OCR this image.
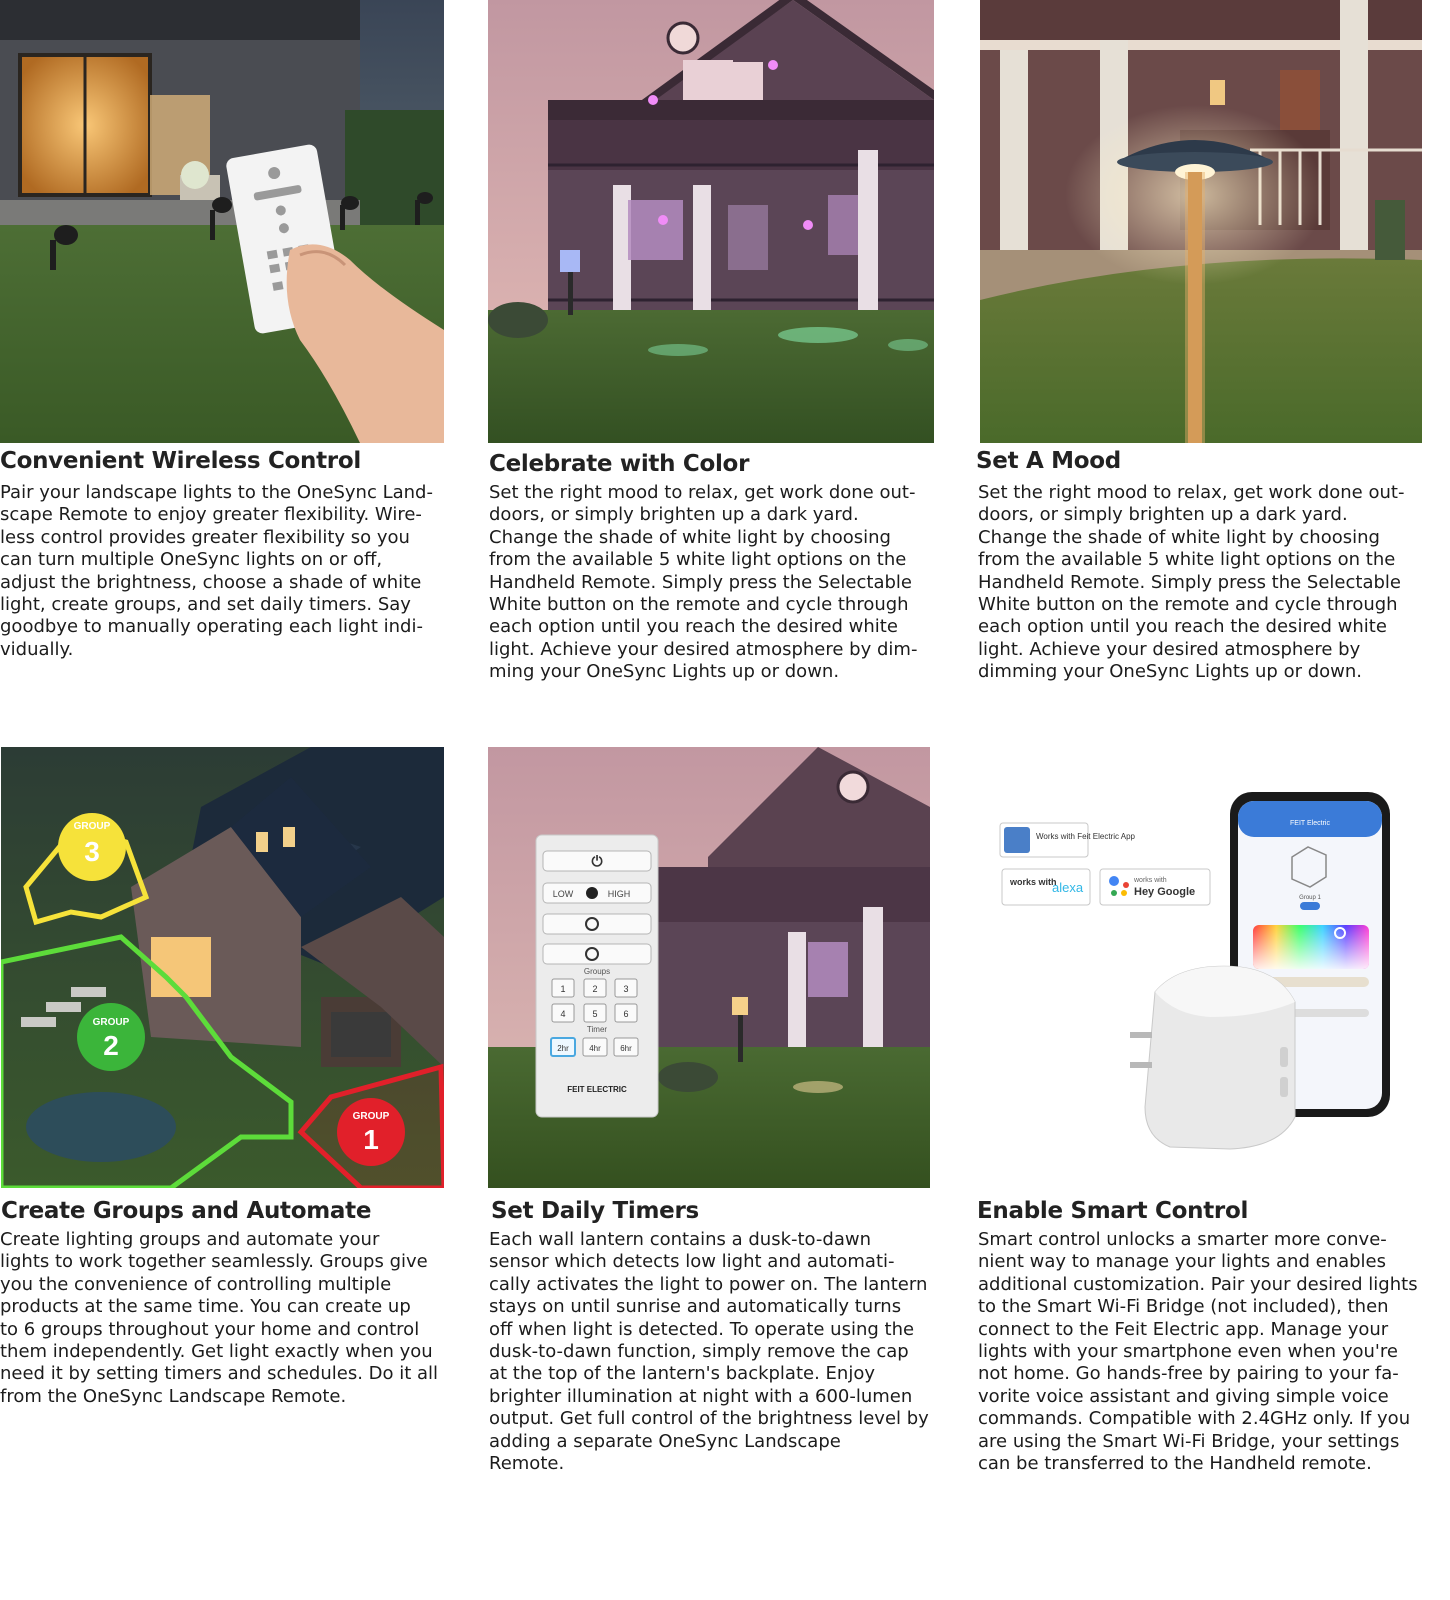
Convenient Wireless Control
Pair your landscape lights to the OneSync Land-
scape Remote to enjoy greater flexibility. Wire-
less control provides greater flexibility so you
can turn multiple OneSync lights on or off,
adjust the brightness, choose a shade of white
light, create groups, and set daily timers. Say
goodbye to manually operating each light indi-
vidually.
Celebrate with Color
Set the right mood to relax, get work done out-
doors, or simply brighten up a dark yard.
Change the shade of white light by choosing
from the available 5 white light options on the
Handheld Remote. Simply press the Selectable
White button on the remote and cycle through
each option until you reach the desired white
light. Achieve your desired atmosphere by dim-
ming your OneSync Lights up or down.
Set A Mood
Set the right mood to relax, get work done out-
doors, or simply brighten up a dark yard.
Change the shade of white light by choosing
from the available 5 white light options on the
Handheld Remote. Simply press the Selectable
White button on the remote and cycle through
each option until you reach the desired white
light. Achieve your desired atmosphere by
dimming your OneSync Lights up or down.
GROUP
3
GROUP
2
GROUP
1
Create Groups and Automate
Create lighting groups and automate your
lights to work together seamlessly. Groups give
you the convenience of controlling multiple
products at the same time. You can create up
to 6 groups throughout your home and control
them independently. Get light exactly when you
need it by setting timers and schedules. Do it all
from the OneSync Landscape Remote.
⏻
LOW	HIGH
Groups
1	2	3
4	5	6
Timer
2hr	4hr 6hr
FEIT ELECTRIC
Set Daily Timers
Each wall lantern contains a dusk-to-dawn
sensor which detects low light and automati-
cally activates the light to power on. The lantern
stays on until sunrise and automatically turns
off when light is detected. To operate using the
dusk-to-dawn function, simply remove the cap
at the top of the lantern's backplate. Enjoy
brighter illumination at night with a 600-lumen
output. Get full control of the brightness level by
adding a separate OneSync Landscape
Remote.
Works with Feit Electric App
works with
alexa	works with
Hey Google
FEIT Electric
Group 1
Enable Smart Control
Smart control unlocks a smarter more conve-
nient way to manage your lights and enables
additional customization. Pair your desired lights
to the Smart Wi-Fi Bridge (not included), then
connect to the Feit Electric app. Manage your
lights with your smartphone even when you're
not home. Go hands-free by pairing to your fa-
vorite voice assistant and giving simple voice
commands. Compatible with 2.4GHz only. If you
are using the Smart Wi-Fi Bridge, your settings
can be transferred to the Handheld remote.
